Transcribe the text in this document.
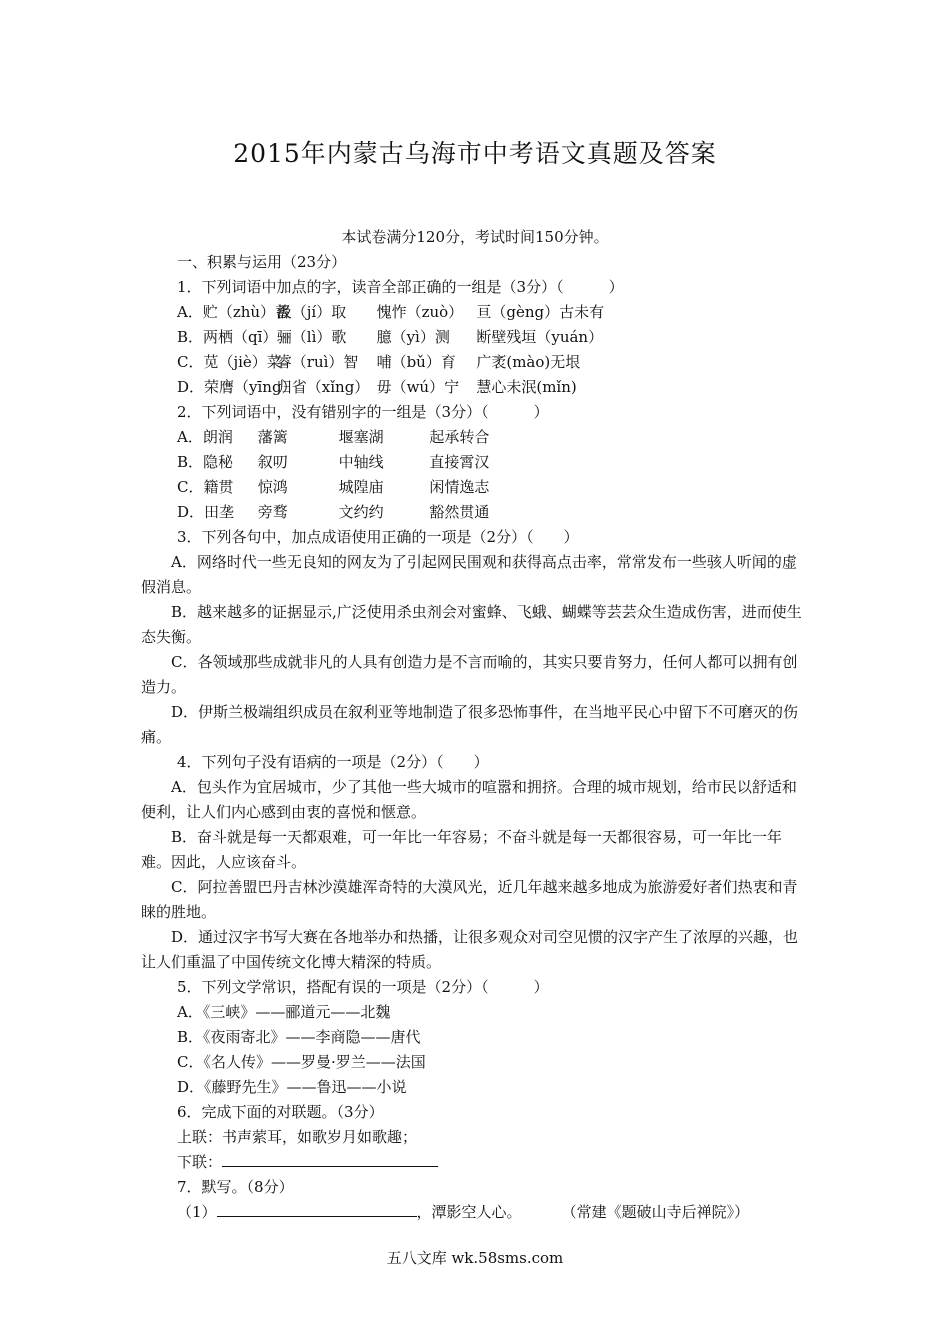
2015年内蒙古乌海市中考语文真题及答案
本试卷满分120分，考试时间150分钟。
一、积累与运用（23分）
1．下列词语中加点的字，读音全部正确的一组是（3分）（　　　）
A．贮（zhù）蓄 汲（jí）取 愧怍（zuò） 亘（gèng）古未有
B．两栖（qī） 骊（lì）歌 臆（yì）测 断壁残垣（yuán）
C．苋（jiè）菜 睿（ruì）智 哺（bǔ）育 广袤(mào)无垠
D．荣膺（yīng） 归省（xǐng） 毋（wú）宁 慧心未泯(mǐn)
2．下列词语中，没有错别字的一组是（3分）（　　　）
A．朗润 藩篱	堰塞湖	起承转合
B．隐秘 叙叨	中轴线	直接霄汉
C．籍贯 惊鸿	城隍庙	闲情逸志
D．田垄 旁骛	文约约	豁然贯通
3．下列各句中，加点成语使用正确的一项是（2分）（　　）
A．网络时代一些无良知的网友为了引起网民围观和获得高点击率，常常发布一些骇人听闻的虚假消息。
B．越来越多的证据显示,广泛使用杀虫剂会对蜜蜂、飞蛾、蝴蝶等芸芸众生造成伤害，进而使生态失衡。
C．各领域那些成就非凡的人具有创造力是不言而喻的，其实只要肯努力，任何人都可以拥有创造力。
D．伊斯兰极端组织成员在叙利亚等地制造了很多恐怖事件，在当地平民心中留下不可磨灭的伤痛。
4．下列句子没有语病的一项是（2分）（　　）
A．包头作为宜居城市，少了其他一些大城市的喧嚣和拥挤。合理的城市规划，给市民以舒适和便利，让人们内心感到由衷的喜悦和惬意。
B．奋斗就是每一天都艰难，可一年比一年容易；不奋斗就是每一天都很容易，可一年比一年难。因此，人应该奋斗。
C．阿拉善盟巴丹吉林沙漠雄浑奇特的大漠风光，近几年越来越多地成为旅游爱好者们热衷和青睐的胜地。
D．通过汉字书写大赛在各地举办和热播，让很多观众对司空见惯的汉字产生了浓厚的兴趣，也让人们重温了中国传统文化博大精深的特质。
5．下列文学常识，搭配有误的一项是（2分）（　　　）
A．《三峡》——郦道元——北魏
B．《夜雨寄北》——李商隐——唐代
C．《名人传》——罗曼·罗兰——法国
D．《藤野先生》——鲁迅——小说
6．完成下面的对联题。（3分）
上联：书声萦耳，如歌岁月如歌趣；
下联：
7．默写。（8分）
（1）	，潭影空人心。	（常建《题破山寺后禅院》）
五八文库 wk.58sms.com
